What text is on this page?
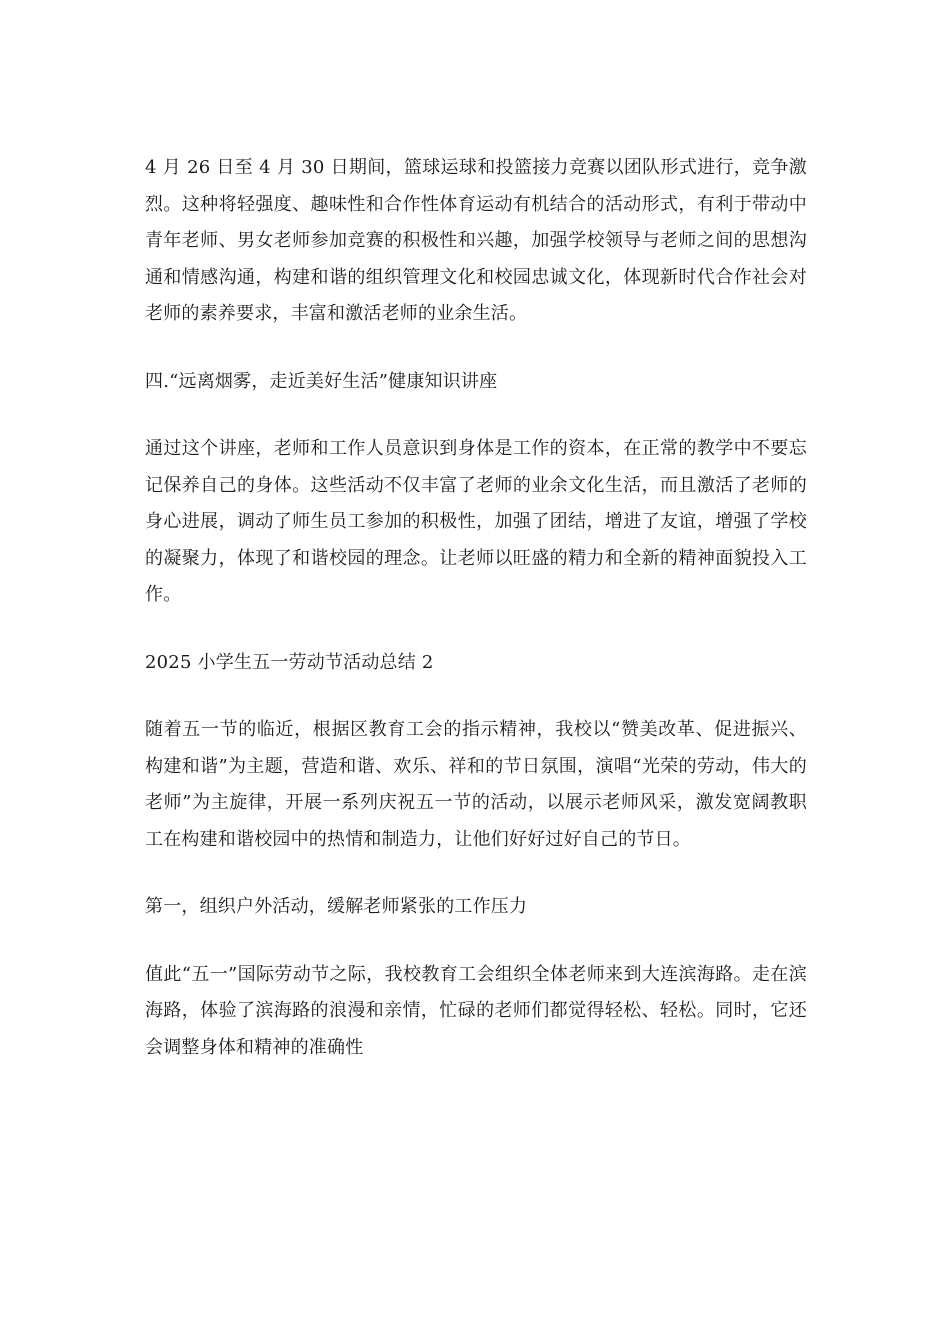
4 月 26 日至 4 月 30 日期间，篮球运球和投篮接力竞赛以团队形式进行，竞争激烈。这种将轻强度、趣味性和合作性体育运动有机结合的活动形式，有利于带动中青年老师、男女老师参加竞赛的积极性和兴趣，加强学校领导与老师之间的思想沟通和情感沟通，构建和谐的组织管理文化和校园忠诚文化，体现新时代合作社会对老师的素养要求，丰富和激活老师的业余生活。

四.“远离烟雾，走近美好生活”健康知识讲座

通过这个讲座，老师和工作人员意识到身体是工作的资本，在正常的教学中不要忘记保养自己的身体。这些活动不仅丰富了老师的业余文化生活，而且激活了老师的身心进展，调动了师生员工参加的积极性，加强了团结，增进了友谊，增强了学校的凝聚力，体现了和谐校园的理念。让老师以旺盛的精力和全新的精神面貌投入工作。

2025 小学生五一劳动节活动总结 2

随着五一节的临近，根据区教育工会的指示精神，我校以“赞美改革、促进振兴、构建和谐”为主题，营造和谐、欢乐、祥和的节日氛围，演唱“光荣的劳动，伟大的老师”为主旋律，开展一系列庆祝五一节的活动，以展示老师风采，激发宽阔教职工在构建和谐校园中的热情和制造力，让他们好好过好自己的节日。

第一，组织户外活动，缓解老师紧张的工作压力

值此“五一”国际劳动节之际，我校教育工会组织全体老师来到大连滨海路。走在滨海路，体验了滨海路的浪漫和亲情，忙碌的老师们都觉得轻松、轻松。同时，它还会调整身体和精神的准确性
